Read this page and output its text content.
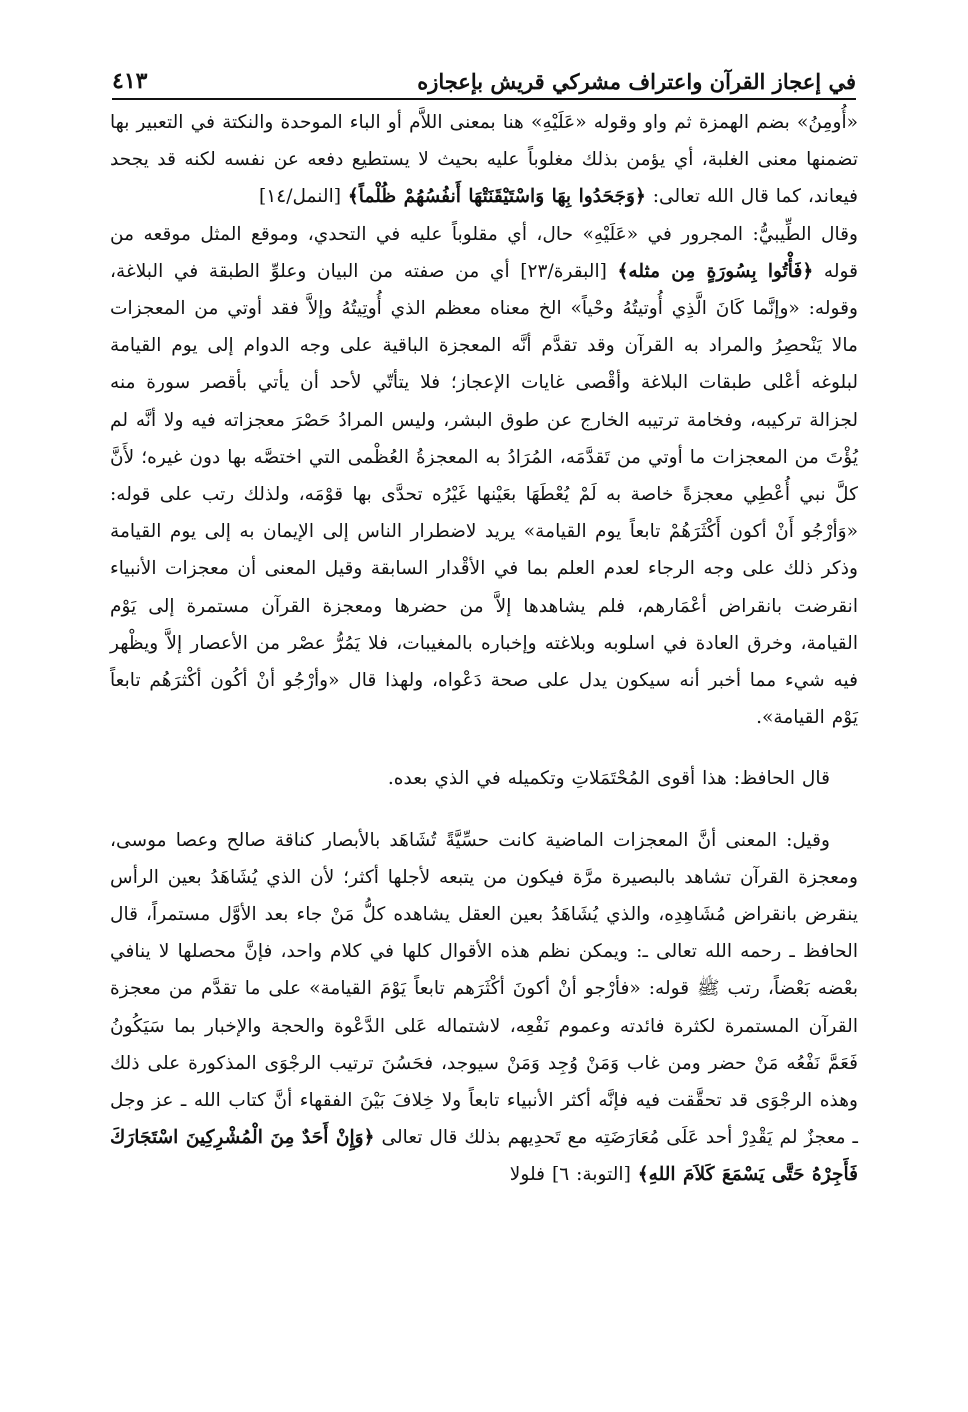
في إعجاز القرآن واعتراف مشركي قريش بإعجازه
٤١٣

«أُومِنُ» بضم الهمزة ثم واو وقوله «عَلَيْهِ» هنا بمعنى اللاَّم أو الباء الموحدة والنكتة في التعبير بها تضمنها معنى الغلبة، أي يؤمن بذلك مغلوباً عليه بحيث لا يستطيع دفعه عن نفسه لكنه قد يجحد فيعاند، كما قال الله تعالى: ﴿وَجَحَدُوا بِهَا وَاسْتَيْقَنَتْهَا أَنفُسُهُمْ ظُلْماً﴾ [النمل/١٤]

وقال الطِّيبيُّ: المجرور في «عَلَيْهِ» حال، أي مقلوباً عليه في التحدي، وموقع المثل موقعه من قوله ﴿فَأْتُوا بِسُورَةٍ مِن مثله﴾ [البقرة/٢٣] أي من صفته من البيان وعلوِّ الطبقة في البلاغة، وقوله: «وإنَّما كَانَ الَّذِي أُوتيتُهُ وحْياً» الخ معناه معظم الذي أُوتِيتُهُ وإلاَّ فقد أوتي من المعجزات مالا يَنْحصِرُ والمراد به القرآن وقد تقدَّم أنَّه المعجزة الباقية على وجه الدوام إلى يوم القيامة لبلوغه أعْلى طبقات البلاغة وأقْصى غايات الإعجاز؛ فلا يتأتّي لأحد أن يأتي بأقصر سورة منه لجزالة تركيبه، وفخامة ترتيبه الخارج عن طوق البشر، وليس المرادُ حَصْرَ معجزاته فيه ولا أنَّه لم يُؤْتَ من المعجزات ما أوتي من تَقدَّمَه، المُرَادُ به المعجزةُ العُظْمى التي اختصَّه بها دون غيره؛ لأَنَّ كلَّ نبي أُعْطِي معجزةً خاصة به لَمْ يُعْطَهَا بعَيْنها غَيْرُه تحدَّى بها قوْمَه، ولذلك رتب على قوله: «وَأرْجُو أَنْ أكون أَكْثَرَهُمْ تابعاً يوم القيامة» يريد لاضطرار الناس إلى الإيمان به إلى يوم القيامة وذكر ذلك على وجه الرجاء لعدم العلم بما في الأقْدار السابقة وقيل المعنى أن معجزات الأنبياء انقرضت بانقراض أعْمَارهم، فلم يشاهدها إلاَّ من حضرها ومعجزة القرآن مستمرة إلى يَوْم القيامة، وخرق العادة في اسلوبه وبلاغته وإخباره بالمغيبات، فلا يَمُرُّ عصْر من الأعصار إلاَّ ويظْهر فيه شيء مما أخبر أنه سيكون يدل على صحة دَعْواه، ولهذا قال «وأرْجُو أنْ أكُون أكْثرَهُم تابعاً يَوْم القيامة».

قال الحافظ: هذا أقوى المُحْتَمَلاتِ وتكميله في الذي بعده.

وقيل: المعنى أنَّ المعجزات الماضية كانت حسِّيَّةً تُشَاهَد بالأبصار كناقة صالح وعصا موسى، ومعجزة القرآن تشاهد بالبصيرة مرَّة فيكون من يتبعه لأجلها أكثر؛ لأن الذي يُشَاهَدُ بعين الرأس ينقرض بانقراض مُشَاهِدِه، والذي يُشَاهَدُ بعين العقل يشاهده كلُّ مَنْ جاء بعد الأوَّل مستمراً، قال الحافظ ـ رحمه الله تعالى ـ: ويمكن نظم هذه الأقوال كلها في كلام واحد، فإنَّ محصلها لا ينافي بعْضه بَعْضاً، رتب ﷺ قوله: «فأرْجو أنْ أكونَ أكْثَرَهم تابعاً يَوْمَ القيامة» على ما تقدَّم من معجزة القرآن المستمرة لكثرة فائدته وعموم نَفْعِه، لاشتماله عَلى الدَّعْوة والحجة والإخبار بما سَيَكُونُ فَعَمَّ نَفْعُه مَنْ حضر ومن غاب وَمَنْ وُجِد وَمَنْ سيوجد، فحَسُنَ ترتيب الرجْوَى المذكورة على ذلك وهذه الرجْوَى قد تحقَّقت فيه فإنَّه أكثر الأنبياء تابعاً ولا خِلافَ بَيْنَ الفقهاء أنَّ كتاب الله ـ عز وجل ـ معجزٌ لم يَقْدِرْ أحد عَلَى مُعَارَضَتِه مع تَحدِيهم بذلك قال تعالى ﴿وَإِنْ أَحَدٌ مِنَ الْمُشْرِكِينَ اسْتَجَارَكَ فَأَجِرْهُ حَتَّى يَسْمَعَ كَلاَمَ اللهِ﴾ [التوبة: ٦] فلولا
